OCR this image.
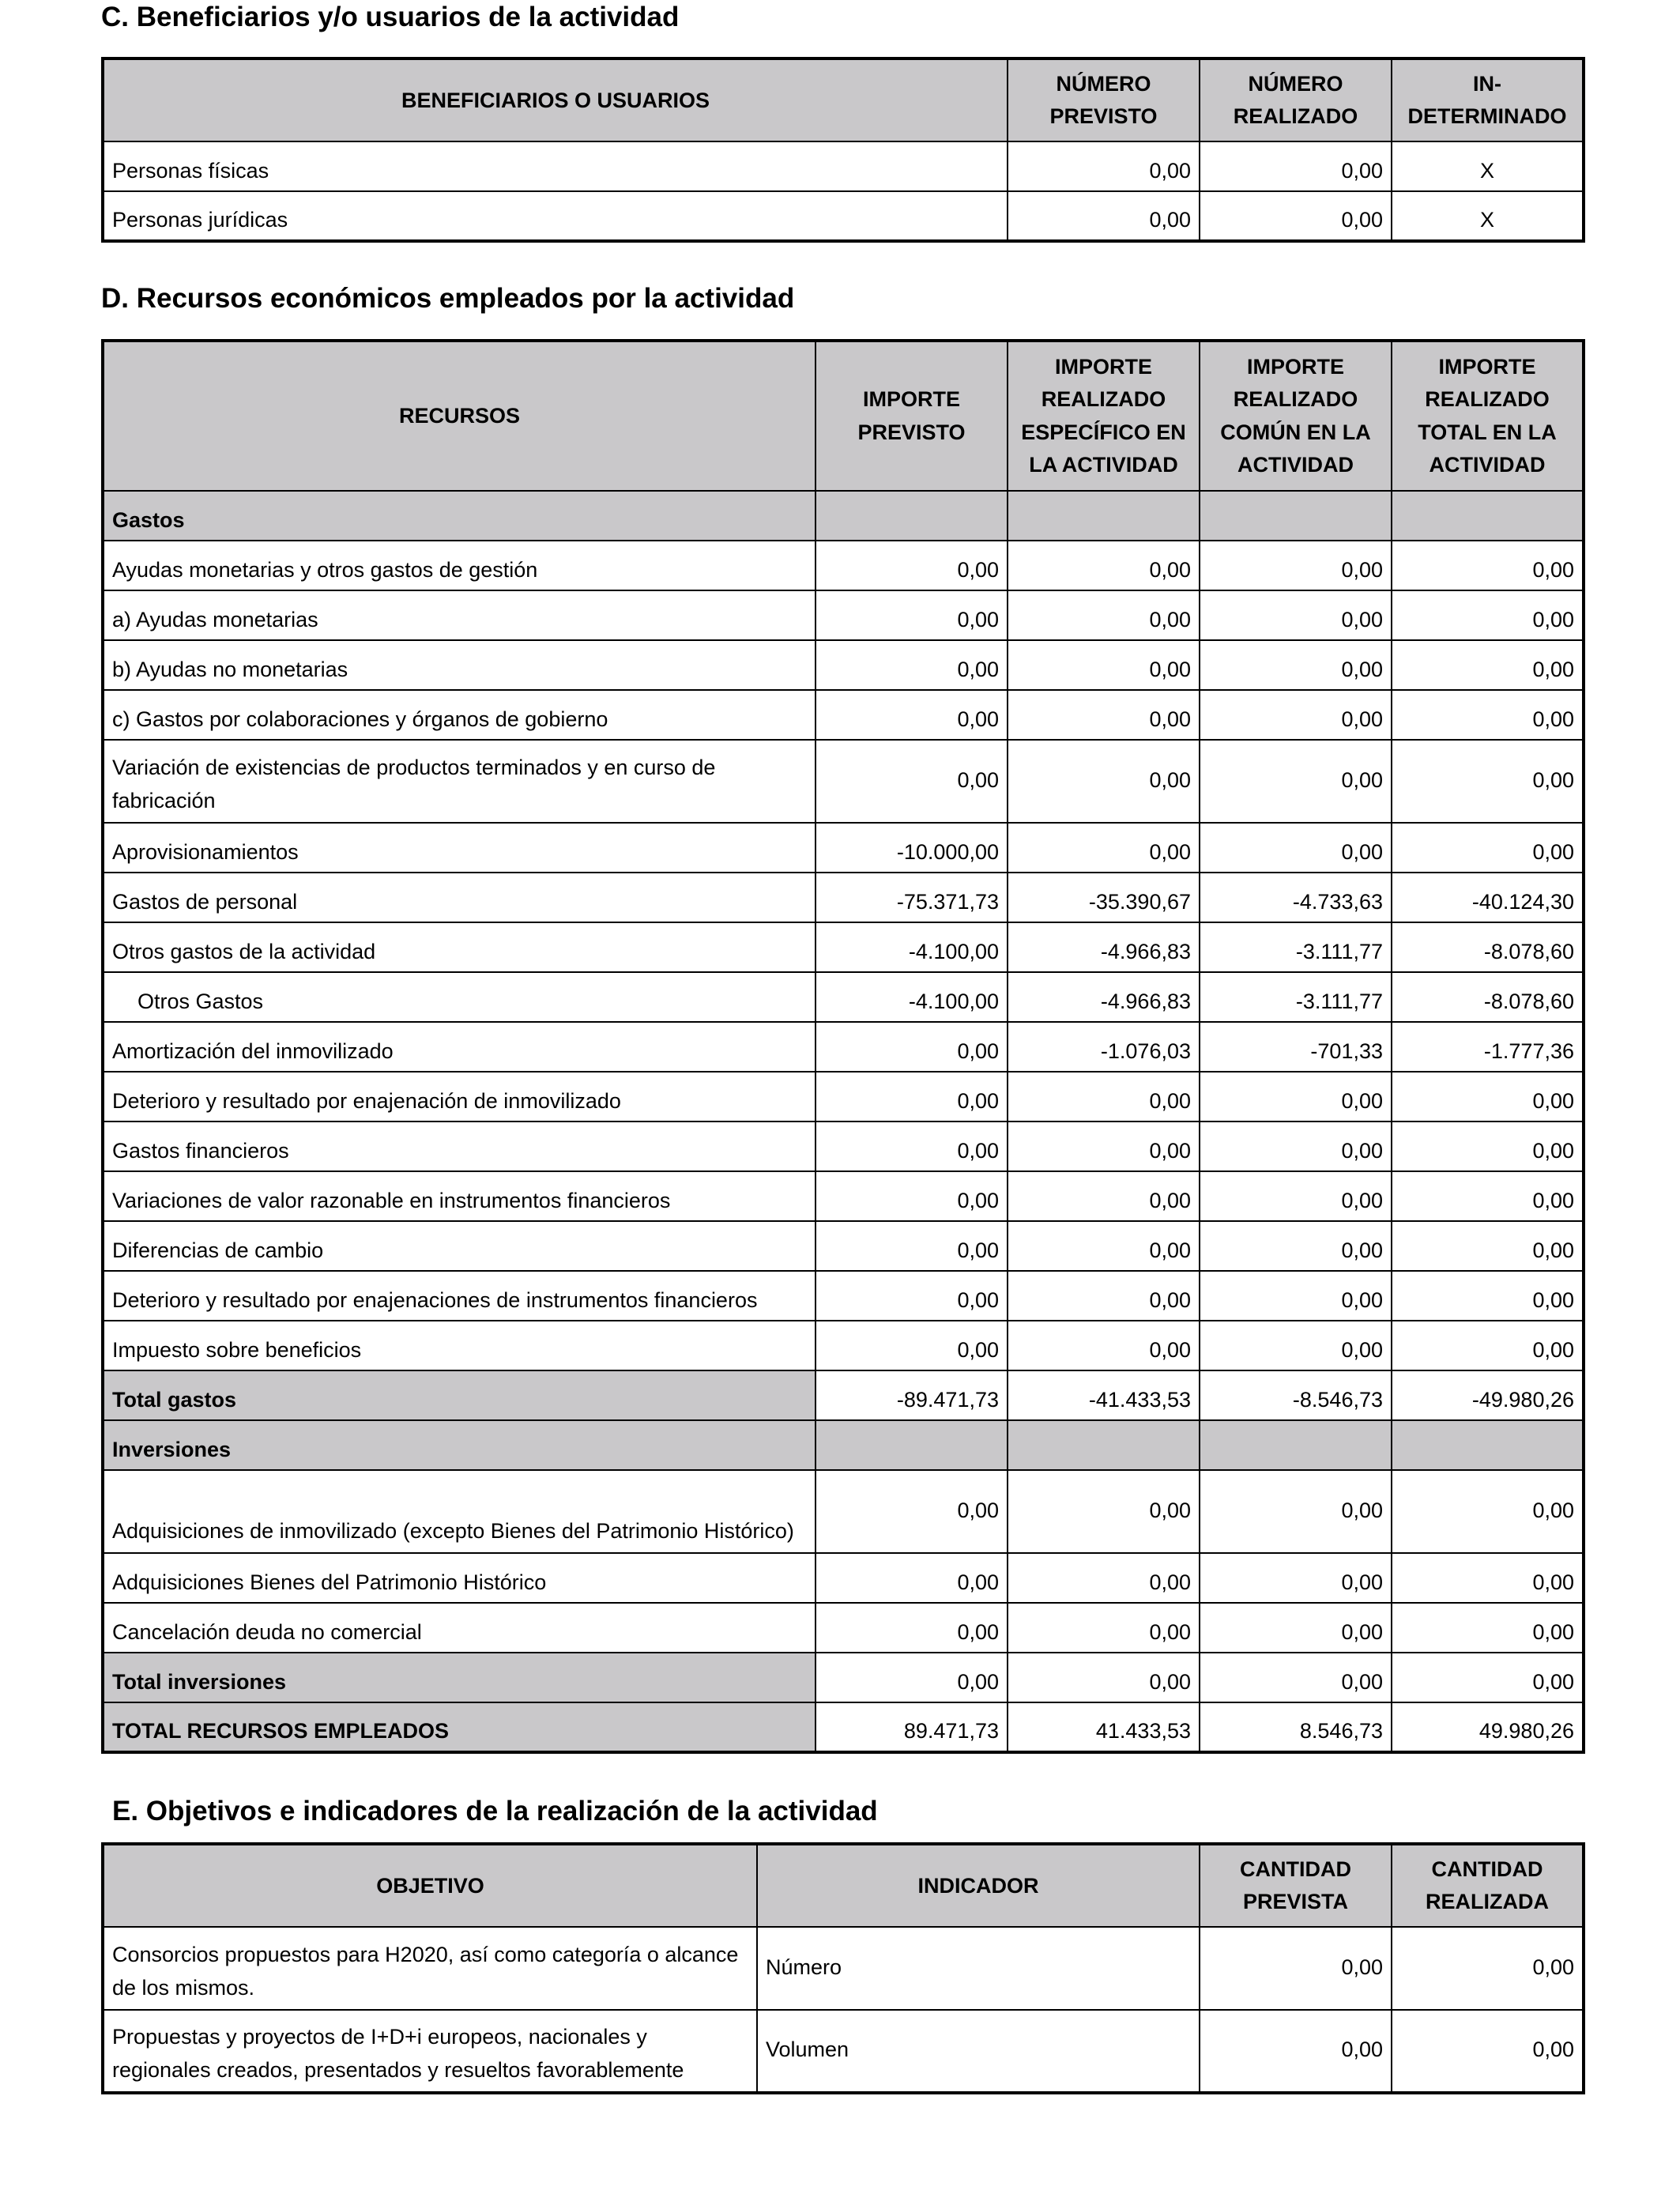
C. Beneficiarios y/o usuarios de la actividad
BENEFICIARIOS O USUARIOS	NÚMERO PREVISTO	NÚMERO REALIZADO	IN- DETERMINADO
Personas físicas	0,00	0,00	X
Personas jurídicas	0,00	0,00	X
D. Recursos económicos empleados por la actividad
RECURSOS	IMPORTE PREVISTO	IMPORTE REALIZADO ESPECÍFICO EN LA ACTIVIDAD	IMPORTE REALIZADO COMÚN EN LA ACTIVIDAD	IMPORTE REALIZADO TOTAL EN LA ACTIVIDAD
Gastos				
Ayudas monetarias y otros gastos de gestión	0,00	0,00	0,00	0,00
a) Ayudas monetarias	0,00	0,00	0,00	0,00
b) Ayudas no monetarias	0,00	0,00	0,00	0,00
c) Gastos por colaboraciones y órganos de gobierno	0,00	0,00	0,00	0,00
Variación de existencias de productos terminados y en curso de fabricación	0,00	0,00	0,00	0,00
Aprovisionamientos	-10.000,00	0,00	0,00	0,00
Gastos de personal	-75.371,73	-35.390,67	-4.733,63	-40.124,30
Otros gastos de la actividad	-4.100,00	-4.966,83	-3.111,77	-8.078,60
Otros Gastos	-4.100,00	-4.966,83	-3.111,77	-8.078,60
Amortización del inmovilizado	0,00	-1.076,03	-701,33	-1.777,36
Deterioro y resultado por enajenación de inmovilizado	0,00	0,00	0,00	0,00
Gastos financieros	0,00	0,00	0,00	0,00
Variaciones de valor razonable en instrumentos financieros	0,00	0,00	0,00	0,00
Diferencias de cambio	0,00	0,00	0,00	0,00
Deterioro y resultado por enajenaciones de instrumentos financieros	0,00	0,00	0,00	0,00
Impuesto sobre beneficios	0,00	0,00	0,00	0,00
Total gastos	-89.471,73	-41.433,53	-8.546,73	-49.980,26
Inversiones				
Adquisiciones de inmovilizado (excepto Bienes del Patrimonio Histórico)	0,00	0,00	0,00	0,00
Adquisiciones Bienes del Patrimonio Histórico	0,00	0,00	0,00	0,00
Cancelación deuda no comercial	0,00	0,00	0,00	0,00
Total inversiones	0,00	0,00	0,00	0,00
TOTAL RECURSOS EMPLEADOS	89.471,73	41.433,53	8.546,73	49.980,26
E. Objetivos e indicadores de la realización de la actividad
OBJETIVO	INDICADOR	CANTIDAD PREVISTA	CANTIDAD REALIZADA
Consorcios propuestos para H2020, así como categoría o alcance de los mismos.	Número	0,00	0,00
Propuestas y proyectos de I+D+i europeos, nacionales y regionales creados, presentados y resueltos favorablemente	Volumen	0,00	0,00
